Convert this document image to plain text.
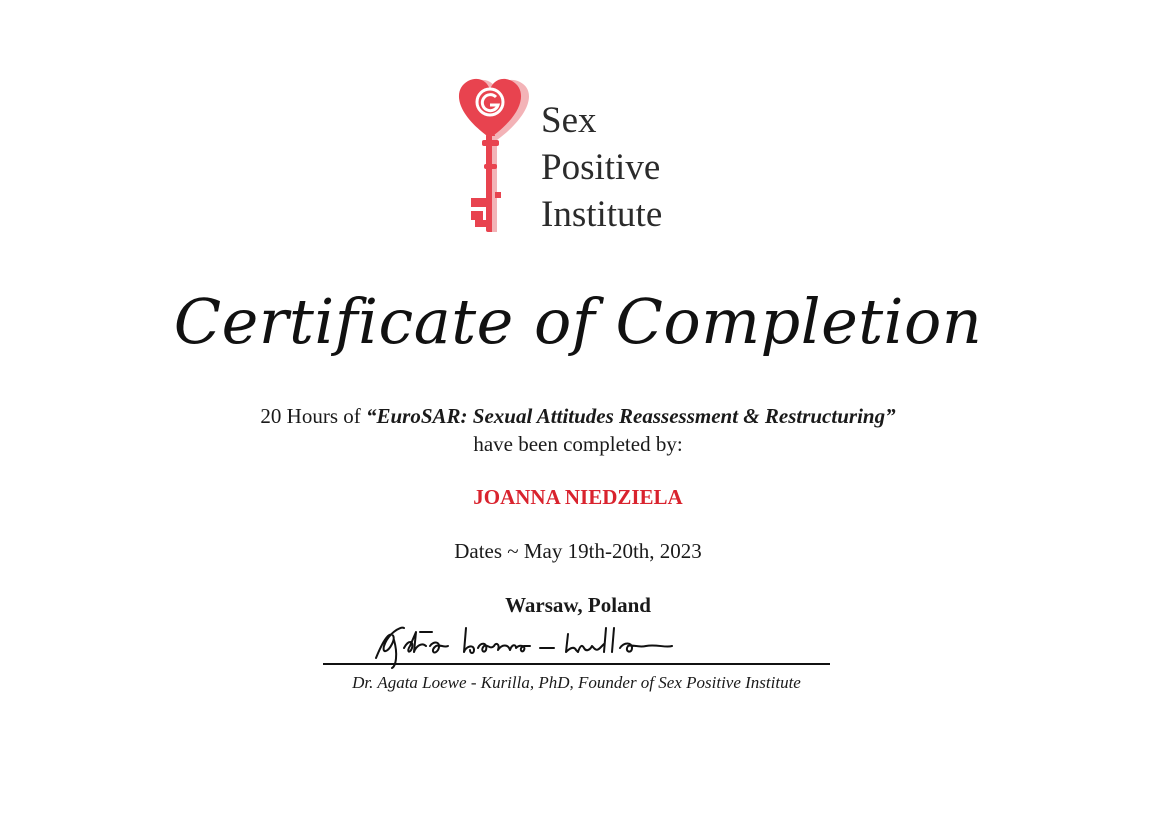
Sex
Positive
Institute
Certificate of Completion
20 Hours of “EuroSAR: Sexual Attitudes Reassessment & Restructuring”
have been completed by:
JOANNA NIEDZIELA
Dates ~ May 19th-20th, 2023
Warsaw, Poland
Dr. Agata Loewe - Kurilla, PhD, Founder of Sex Positive Institute
